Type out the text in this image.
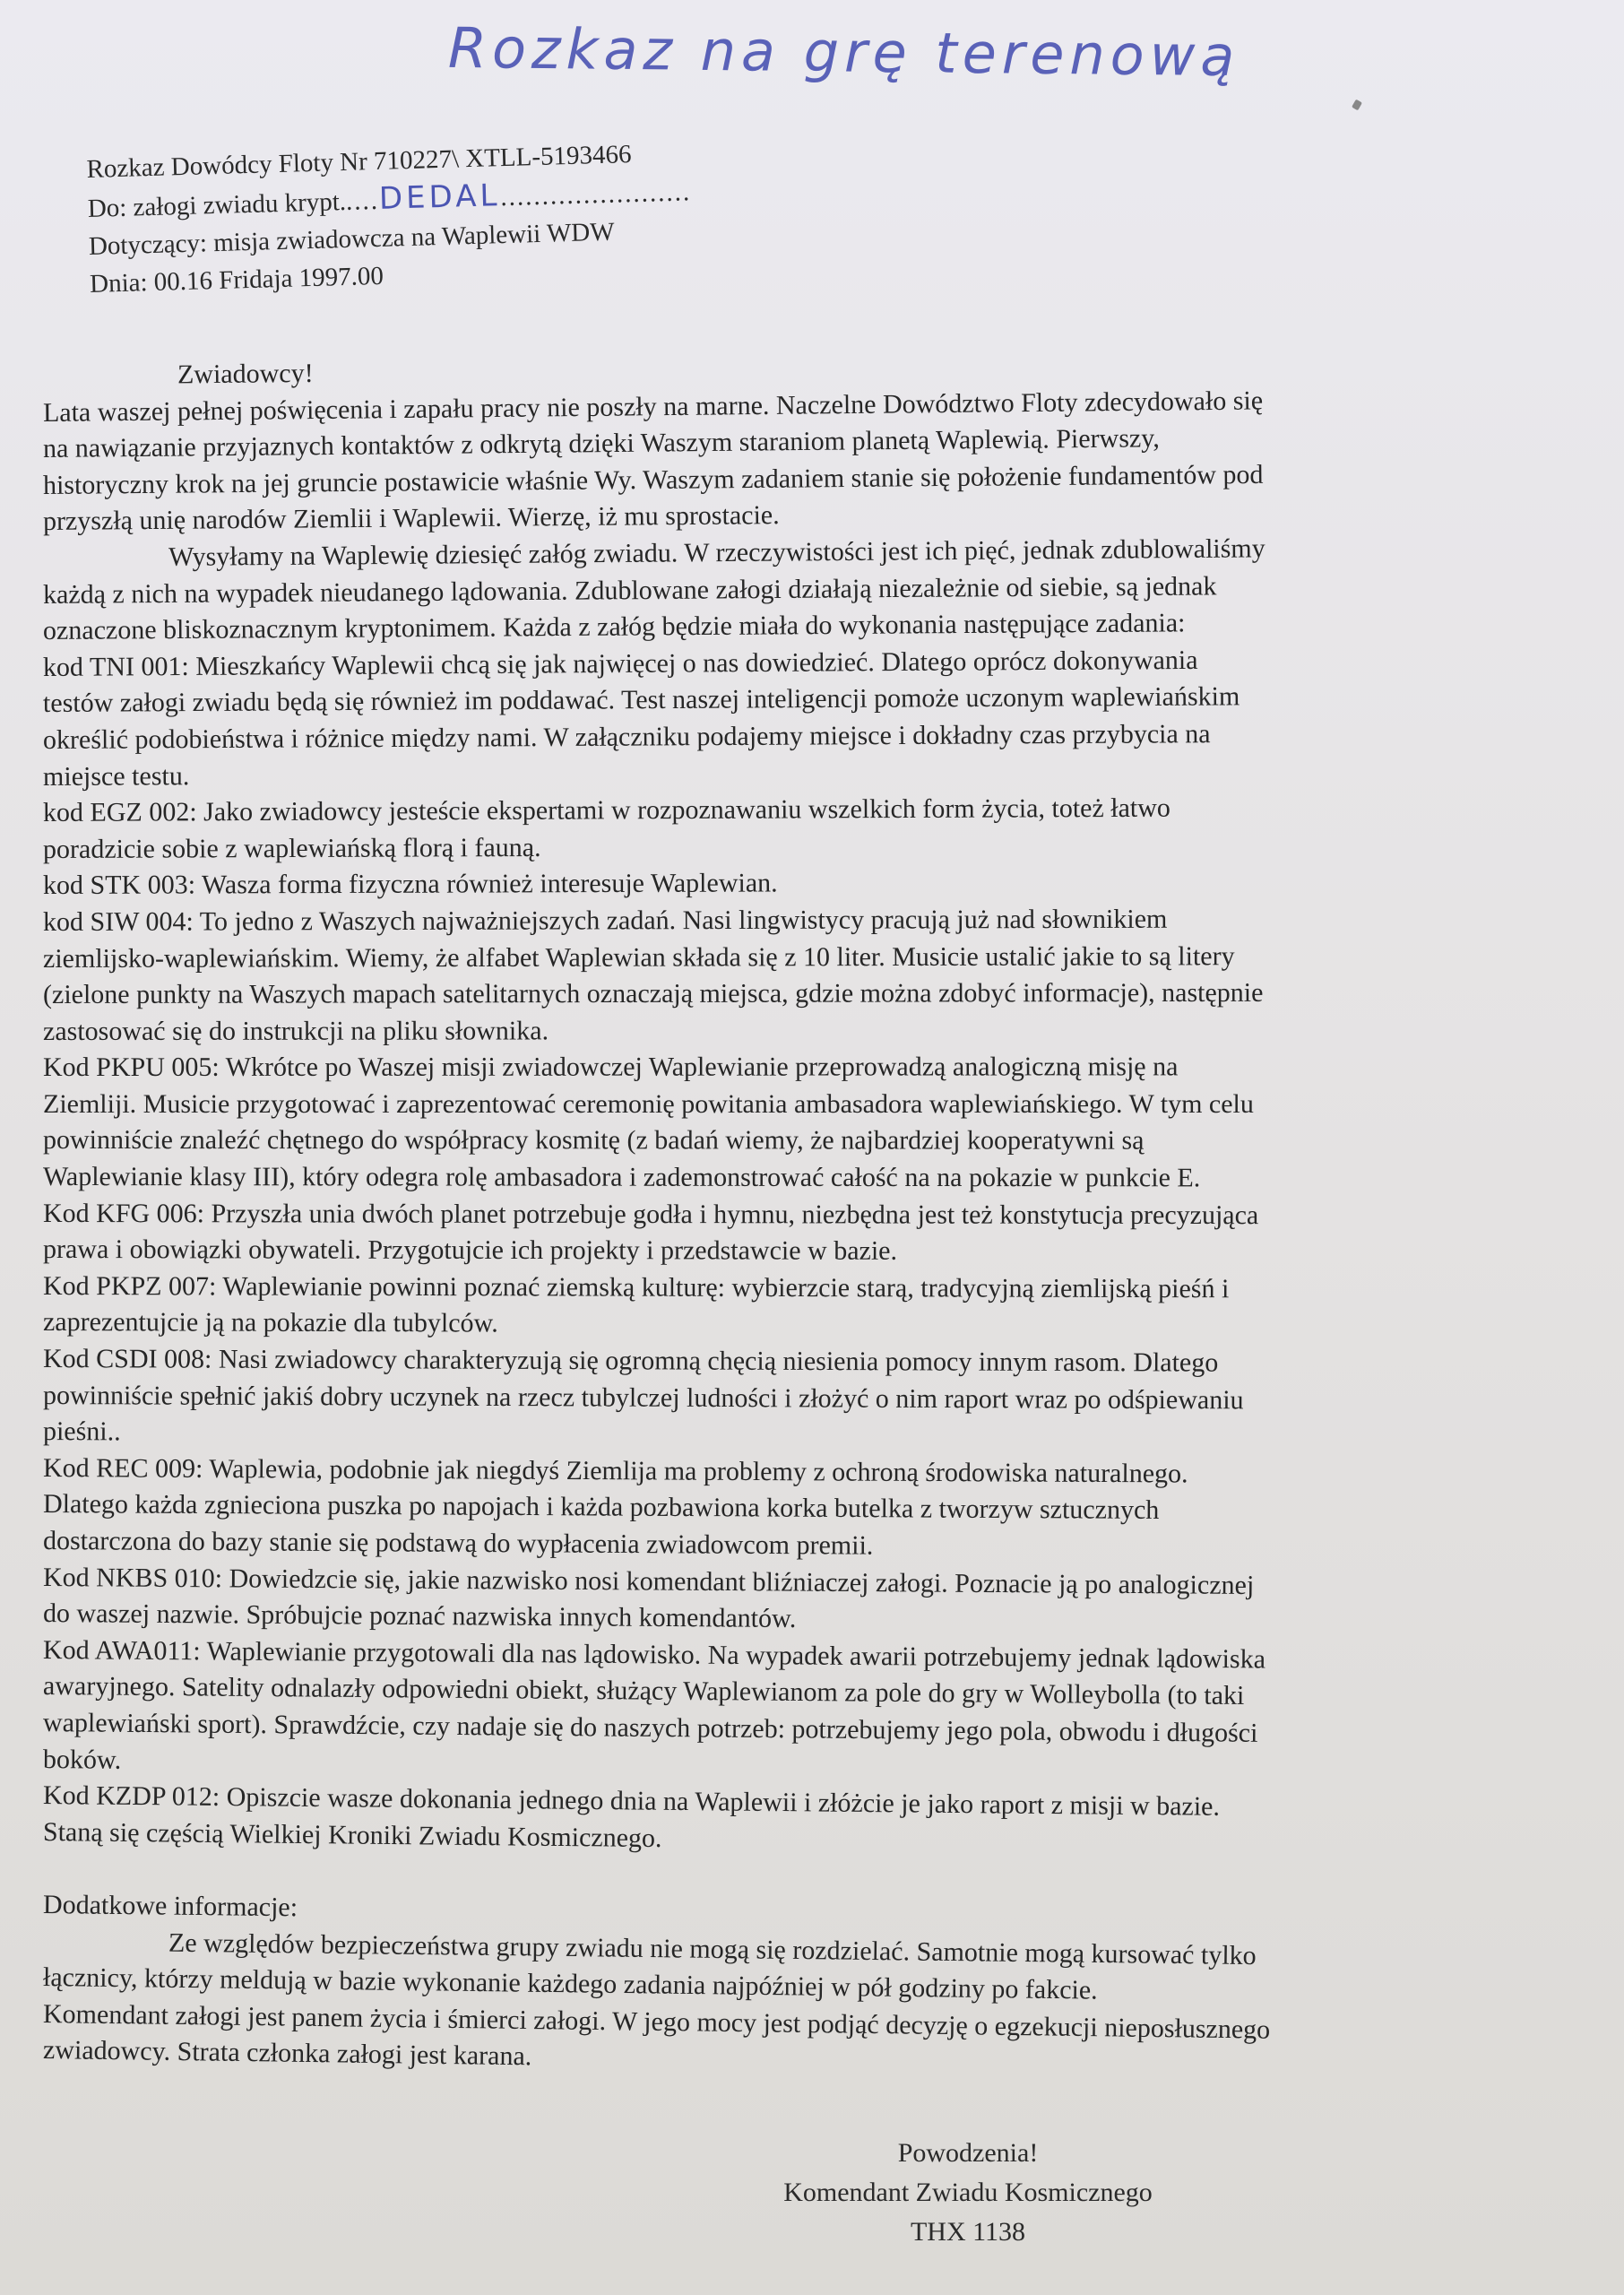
Rozkaz na grę terenową
Rozkaz Dowódcy Floty Nr 710227\ XTLL-5193466
Do: załogi zwiadu krypt.....DEDAL.......................
Dotyczący: misja zwiadowcza na Waplewii WDW
Dnia: 00.16 Fridaja 1997.00
Zwiadowcy!
Lata waszej pełnej poświęcenia i zapału pracy nie poszły na marne. Naczelne Dowództwo Floty zdecydowało się
na nawiązanie przyjaznych kontaktów z odkrytą dzięki Waszym staraniom planetą Waplewią. Pierwszy,
historyczny krok na jej gruncie postawicie właśnie Wy. Waszym zadaniem stanie się położenie fundamentów pod
przyszłą unię narodów Ziemlii i Waplewii. Wierzę, iż mu sprostacie.
Wysyłamy na Waplewię dziesięć załóg zwiadu. W rzeczywistości jest ich pięć, jednak zdublowaliśmy
każdą z nich na wypadek nieudanego lądowania. Zdublowane załogi działają niezależnie od siebie, są jednak
oznaczone bliskoznacznym kryptonimem. Każda z załóg będzie miała do wykonania następujące zadania:
kod TNI 001: Mieszkańcy Waplewii chcą się jak najwięcej o nas dowiedzieć. Dlatego oprócz dokonywania
testów załogi zwiadu będą się również im poddawać. Test naszej inteligencji pomoże uczonym waplewiańskim
określić podobieństwa i różnice między nami. W załączniku podajemy miejsce i dokładny czas przybycia na
miejsce testu.
kod EGZ 002: Jako zwiadowcy jesteście ekspertami w rozpoznawaniu wszelkich form życia, toteż łatwo
poradzicie sobie z waplewiańską florą i fauną.
kod STK 003: Wasza forma fizyczna również interesuje Waplewian.
kod SIW 004: To jedno z Waszych najważniejszych zadań. Nasi lingwistycy pracują już nad słownikiem
ziemlijsko-waplewiańskim. Wiemy, że alfabet Waplewian składa się z 10 liter. Musicie ustalić jakie to są litery
(zielone punkty na Waszych mapach satelitarnych oznaczają miejsca, gdzie można zdobyć informacje), następnie
zastosować się do instrukcji na pliku słownika.
Kod PKPU 005: Wkrótce po Waszej misji zwiadowczej Waplewianie przeprowadzą analogiczną misję na
Ziemliji. Musicie przygotować i zaprezentować ceremonię powitania ambasadora waplewiańskiego. W tym celu
powinniście znaleźć chętnego do współpracy kosmitę (z badań wiemy, że najbardziej kooperatywni są
Waplewianie klasy III), który odegra rolę ambasadora i zademonstrować całość na na pokazie w punkcie E.
Kod KFG 006: Przyszła unia dwóch planet potrzebuje godła i hymnu, niezbędna jest też konstytucja precyzująca
prawa i obowiązki obywateli. Przygotujcie ich projekty i przedstawcie w bazie.
Kod PKPZ 007: Waplewianie powinni poznać ziemską kulturę: wybierzcie starą, tradycyjną ziemlijską pieśń i
zaprezentujcie ją na pokazie dla tubylców.
Kod CSDI 008: Nasi zwiadowcy charakteryzują się ogromną chęcią niesienia pomocy innym rasom. Dlatego
powinniście spełnić jakiś dobry uczynek na rzecz tubylczej ludności i złożyć o nim raport wraz po odśpiewaniu
pieśni..
Kod REC 009: Waplewia, podobnie jak niegdyś Ziemlija ma problemy z ochroną środowiska naturalnego.
Dlatego każda zgnieciona puszka po napojach i każda pozbawiona korka butelka z tworzyw sztucznych
dostarczona do bazy stanie się podstawą do wypłacenia zwiadowcom premii.
Kod NKBS 010: Dowiedzcie się, jakie nazwisko nosi komendant bliźniaczej załogi. Poznacie ją po analogicznej
do waszej nazwie. Spróbujcie poznać nazwiska innych komendantów.
Kod AWA011: Waplewianie przygotowali dla nas lądowisko. Na wypadek awarii potrzebujemy jednak lądowiska
awaryjnego. Satelity odnalazły odpowiedni obiekt, służący Waplewianom za pole do gry w Wolleybolla (to taki
waplewiański sport). Sprawdźcie, czy nadaje się do naszych potrzeb: potrzebujemy jego pola, obwodu i długości
boków.
Kod KZDP 012: Opiszcie wasze dokonania jednego dnia na Waplewii i złóżcie je jako raport z misji w bazie.
Staną się częścią Wielkiej Kroniki Zwiadu Kosmicznego.

Dodatkowe informacje:
Ze względów bezpieczeństwa grupy zwiadu nie mogą się rozdzielać. Samotnie mogą kursować tylko
łącznicy, którzy meldują w bazie wykonanie każdego zadania najpóźniej w pół godziny po fakcie.
Komendant załogi jest panem życia i śmierci załogi. W jego mocy jest podjąć decyzję o egzekucji nieposłusznego
zwiadowcy. Strata członka załogi jest karana.
Powodzenia!
Komendant Zwiadu Kosmicznego
THX 1138
